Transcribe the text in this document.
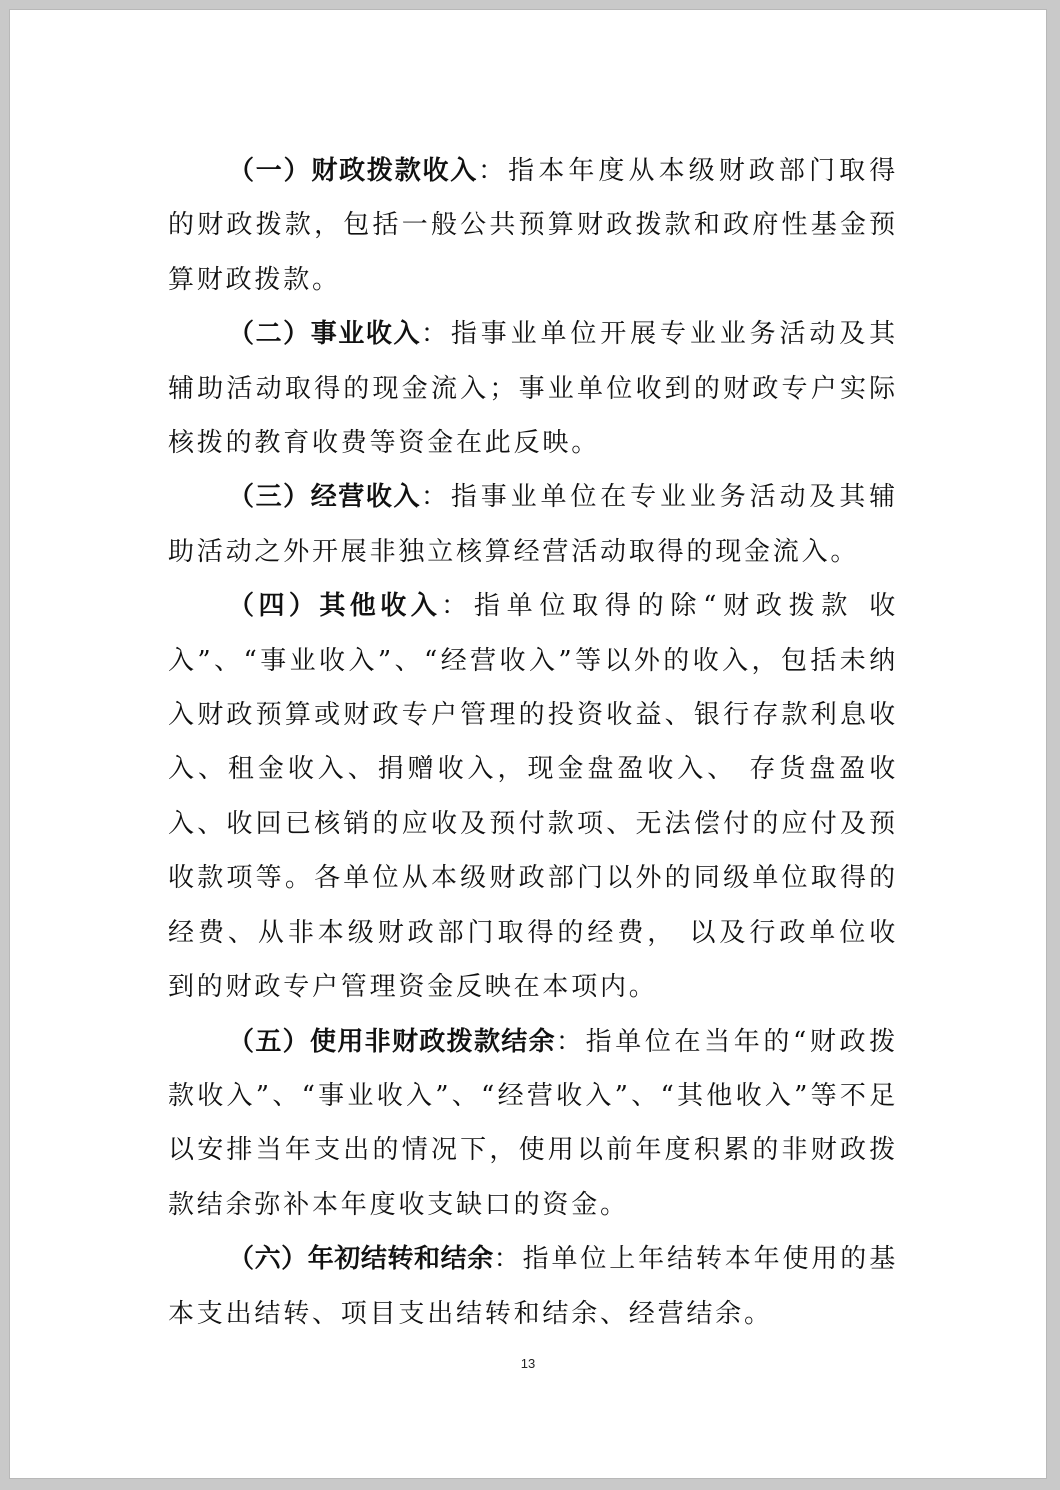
（一）财政拨款收入：指本年度从本级财政部门取得的财政拨款，包括一般公共预算财政拨款和政府性基金预算财政拨款。

（二）事业收入：指事业单位开展专业业务活动及其辅助活动取得的现金流入；事业单位收到的财政专户实际核拨的教育收费等资金在此反映。

（三）经营收入：指事业单位在专业业务活动及其辅助活动之外开展非独立核算经营活动取得的现金流入。

（四）其他收入：指单位取得的除“财政拨款 收入”、“事业收入”、“经营收入”等以外的收入，包括未纳入财政预算或财政专户管理的投资收益、银行存款利息收入、租金收入、捐赠收入，现金盘盈收入、 存货盘盈收入、收回已核销的应收及预付款项、无法偿付的应付及预收款项等。各单位从本级财政部门以外的同级单位取得的经费、从非本级财政部门取得的经费， 以及行政单位收到的财政专户管理资金反映在本项内。

（五）使用非财政拨款结余：指单位在当年的“财政拨款收入”、“事业收入”、“经营收入”、“其他收入”等不足以安排当年支出的情况下，使用以前年度积累的非财政拨款结余弥补本年度收支缺口的资金。

（六）年初结转和结余：指单位上年结转本年使用的基本支出结转、项目支出结转和结余、经营结余。

13
